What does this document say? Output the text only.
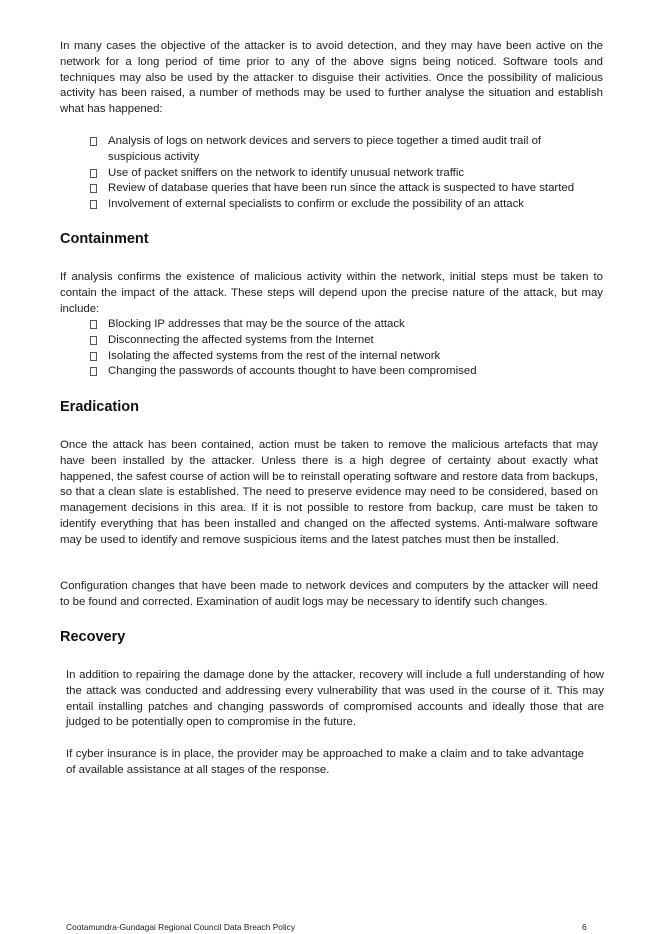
In many cases the objective of the attacker is to avoid detection, and they may have been active on the network for a long period of time prior to any of the above signs being noticed. Software tools and techniques may also be used by the attacker to disguise their activities. Once the possibility of malicious activity has been raised, a number of methods may be used to further analyse the situation and establish what has happened:

Analysis of logs on network devices and servers to piece together a timed audit trail of suspicious activity
Use of packet sniffers on the network to identify unusual network traffic
Review of database queries that have been run since the attack is suspected to have started
Involvement of external specialists to confirm or exclude the possibility of an attack
Containment

If analysis confirms the existence of malicious activity within the network, initial steps must be taken to contain the impact of the attack. These steps will depend upon the precise nature of the attack, but may include:

Blocking IP addresses that may be the source of the attack
Disconnecting the affected systems from the Internet
Isolating the affected systems from the rest of the internal network
Changing the passwords of accounts thought to have been compromised
Eradication

Once the attack has been contained, action must be taken to remove the malicious artefacts that may have been installed by the attacker. Unless there is a high degree of certainty about exactly what happened, the safest course of action will be to reinstall operating software and restore data from backups, so that a clean slate is established. The need to preserve evidence may need to be considered, based on management decisions in this area. If it is not possible to restore from backup, care must be taken to identify everything that has been installed and changed on the affected systems. Anti-malware software may be used to identify and remove suspicious items and the latest patches must then be installed.

Configuration changes that have been made to network devices and computers by the attacker will need to be found and corrected. Examination of audit logs may be necessary to identify such changes.

Recovery

In addition to repairing the damage done by the attacker, recovery will include a full understanding of how the attack was conducted and addressing every vulnerability that was used in the course of it. This may entail installing patches and changing passwords of compromised accounts and ideally those that are judged to be potentially open to compromise in the future.

If cyber insurance is in place, the provider may be approached to make a claim and to take advantage of available assistance at all stages of the response.

Cootamundra-Gundagai Regional Council Data Breach Policy	6
